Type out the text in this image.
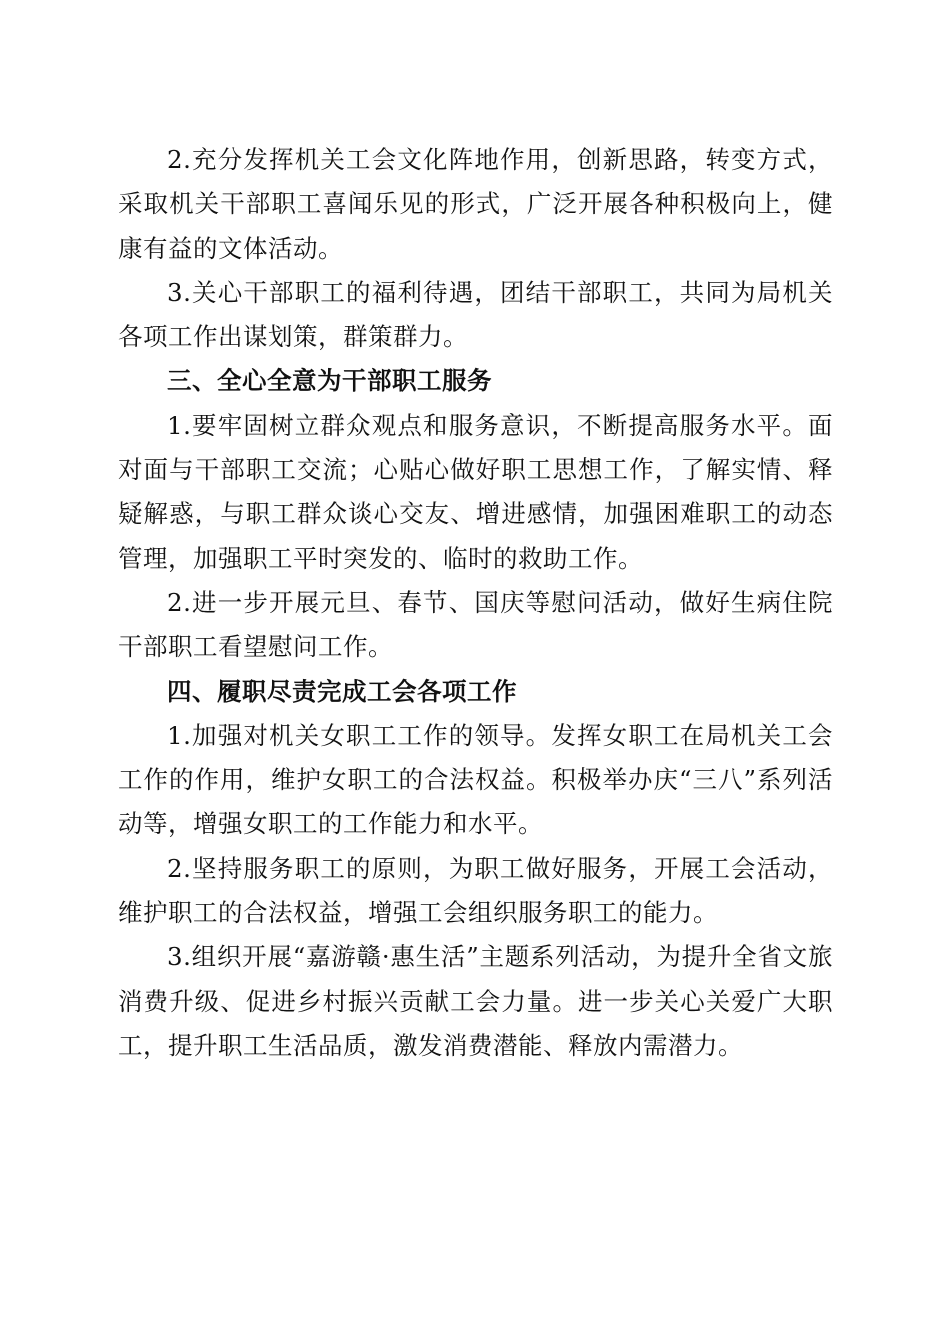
2.充分发挥机关工会文化阵地作用，创新思路，转变方式，采取机关干部职工喜闻乐见的形式，广泛开展各种积极向上，健康有益的文体活动。

3.关心干部职工的福利待遇，团结干部职工，共同为局机关各项工作出谋划策，群策群力。

三、全心全意为干部职工服务

1.要牢固树立群众观点和服务意识，不断提高服务水平。面对面与干部职工交流；心贴心做好职工思想工作，了解实情、释疑解惑，与职工群众谈心交友、增进感情，加强困难职工的动态管理，加强职工平时突发的、临时的救助工作。

2.进一步开展元旦、春节、国庆等慰问活动，做好生病住院干部职工看望慰问工作。

四、履职尽责完成工会各项工作

1.加强对机关女职工工作的领导。发挥女职工在局机关工会工作的作用，维护女职工的合法权益。积极举办庆“三八”系列活动等，增强女职工的工作能力和水平。

2.坚持服务职工的原则，为职工做好服务，开展工会活动，维护职工的合法权益，增强工会组织服务职工的能力。

3.组织开展“嘉游赣·惠生活”主题系列活动，为提升全省文旅消费升级、促进乡村振兴贡献工会力量。进一步关心关爱广大职工，提升职工生活品质，激发消费潜能、释放内需潜力。
